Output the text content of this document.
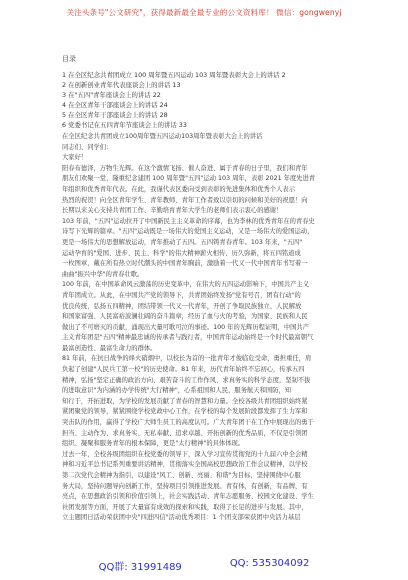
关注头条号"公文研究"，获得最新最全最专业的公文资料库！ 微信：gongwenyj
目录
1 在全区纪念共青团成立 100 周年暨五四运动 103 周年暨表彰大会上的讲话 2
2 在创新创业青年代表座谈会上的讲话 13
3 在"五四"青年座谈会上的讲话 22
4 在全区青年干部座谈会上的讲话 24
5 在全区青年干部座谈会上的讲话 28
6 党委书记在五四青年节座谈会上的讲话 33
在全区纪念共青团成立100周年暨五四运动103周年暨表彰大会上的讲话
同志们、同学们：
大家好！
阳春布德泽，万物生光辉。在这个激情飞扬、催人奋进、属于青春的日子里，我们和青年
朋友们欢聚一堂，隆重纪念建团 100 周年暨"五四"运动 103 周年，表彰 2021 年度先进青
年组织和优秀青年代表。在此，我谨代表区委向受到表彰的先进集体和优秀个人表示
热烈的祝贺！向全区青年学生、青年教师、青年工作者致以崇切的问候和美好的祝愿！向
长期以来关心支持共青团工作、辛勤培育青年大学生的老师们表示衷心的感谢！
103 年前，"五四"运动拉开了中国新民主主义革命的序幕，也为李林的优秀青年在的青春史
诗写下光辉的篇章。"五四"运动既是一场伟大的爱国主义运动，又是一场伟大的爱国运动，
更是一场伟大的思想解放运动，青年推动了五四。五四铸青春青年。103 年来，"五四"
运动孕育的"爱国、进步、民主、科学"的伟大精神薪火相传、历久弥新，将五四铭道成
一枚图章，戴在所有热立时代潮头的中国青年胸前，激励着一代又一代中国青年书写着一
曲曲"振兴中华"的青春壮歌。
100 年前，在中国革命风云激荡的历史变革中，在伟大的五四运动影响下，中国共产主义
青年团成立。从此，在中国共产党的领导下，共青团始终发扬"党有号召，团有行动"的
优良传统，弘扬五四精神，团结带领一代又一代青年，开创了争取民族独立、人民解放
和国家富强、人民富裕波澜壮阔的奋斗篇章，经历了血与火的考验，为国家、民族和人民
做出了不可磨灭的贡献，涌现出大量可歌可泣的事迹。100 年的光辉历程证明，中国共产
主义青年团是"五四"精神最忠诚的传承者与践行者，中国青年运动始终是一个时代最富朝气
最富创造性、最富生命力的群体。
81 年前，在抗日战争的烽火硝烟中，以校长为首的一批青年才俊临危受命，勇担重任，肩
负起了创建"人民兵工第一校"的历史使命。81 年来，历代青年始终不忘初心，传承五四
精神，弘扬"坚定正确的政治方向、艰苦奋斗的工作作风、求真务实的科学态度，坚韧不拔
的进取意识"为内涵的办学传统"大行精神"，心系祖国和人民，服务航天和国防，知
知行于，开拓进取，为学校的发展贡献了青春的智慧和力量。全校各级共青团组织始终紧
紧团聚党的领导，紧紧围绕学校党政中心工作，在学校的每个发展阶段都发挥了生力军和
突击队的作用，赢得了学校广大师生员工的高度认可。广大青年团干在工作中展现出的勇于
担当、主动作为、求真务实、无私奉献、追求卓越、开拓创新的优秀品质，不仅是引领团
组织、凝聚和服务青年的根本保障，更是"太行精神"的具体体现。
过去一年，全校各级团组织在校党委的领导下，深入学习宣传贯彻党的十九届六中全会精
神和习近平总书记系列重要讲话精神，贯彻落实全国高校思想政治工作会议精神，以学校
第二次党代会精神为指引，以建设"风工、创新、亮丽、和谐"为目标，坚持围绕中心服
务大局，坚持问题导向创新工作，坚持项目引领推进发展。青有体，有创新，有品牌，有
亮点，在思想政治引领和价值引领上，社会实践活动、青年志愿服务、校园文化建设、学生
社团发展等方面，开展了大量富有成效的探索和实践，取得了长足的进步与发展。其中，
立主题团日活动荣获团中央"四进四信"活动优秀项目：1 个团支部荣获团中央活力基层
QQ群: 31991489	QQ: 535304092
